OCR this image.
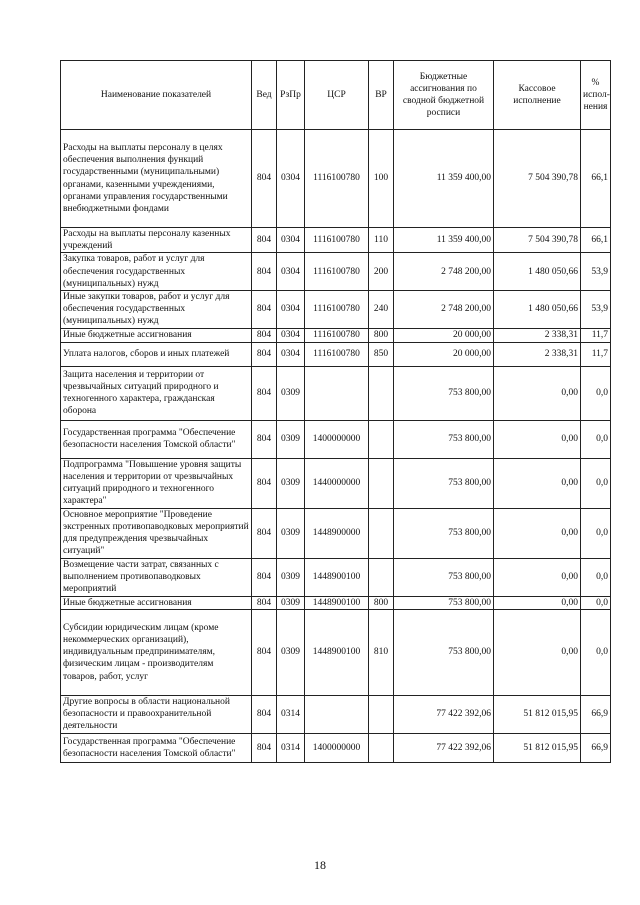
Наименование показателей	Вед	РзПр	ЦСР	ВР	Бюджетные ассигнования по сводной бюджетной росписи	Кассовое исполнение	% испол-нения
Расходы на выплаты персоналу в целях обеспечения выполнения функций государственными (муниципальными) органами, казенными учреждениями, органами управления государственными внебюджетными фондами	804	0304	1116100780	100	11 359 400,00	7 504 390,78	66,1
Расходы на выплаты персоналу казенных учреждений	804	0304	1116100780	110	11 359 400,00	7 504 390,78	66,1
Закупка товаров, работ и услуг для обеспечения государственных (муниципальных) нужд	804	0304	1116100780	200	2 748 200,00	1 480 050,66	53,9
Иные закупки товаров, работ и услуг для обеспечения государственных (муниципальных) нужд	804	0304	1116100780	240	2 748 200,00	1 480 050,66	53,9
Иные бюджетные ассигнования	804	0304	1116100780	800	20 000,00	2 338,31	11,7
Уплата налогов, сборов и иных платежей	804	0304	1116100780	850	20 000,00	2 338,31	11,7
Защита населения и территории от чрезвычайных ситуаций природного и техногенного характера, гражданская оборона	804	0309			753 800,00	0,00	0,0
Государственная программа "Обеспечение безопасности населения Томской области"	804	0309	1400000000		753 800,00	0,00	0,0
Подпрограмма "Повышение уровня защиты населения и территории от чрезвычайных ситуаций природного и техногенного характера"	804	0309	1440000000		753 800,00	0,00	0,0
Основное мероприятие "Проведение экстренных противопаводковых мероприятий для предупреждения чрезвычайных ситуаций"	804	0309	1448900000		753 800,00	0,00	0,0
Возмещение части затрат, связанных с выполнением противопаводковых мероприятий	804	0309	1448900100		753 800,00	0,00	0,0
Иные бюджетные ассигнования	804	0309	1448900100	800	753 800,00	0,00	0,0
Субсидии юридическим лицам (кроме некоммерческих организаций), индивидуальным предпринимателям, физическим лицам - производителям товаров, работ, услуг	804	0309	1448900100	810	753 800,00	0,00	0,0
Другие вопросы в области национальной безопасности и правоохранительной деятельности	804	0314			77 422 392,06	51 812 015,95	66,9
Государственная программа "Обеспечение безопасности населения Томской области"	804	0314	1400000000		77 422 392,06	51 812 015,95	66,9
18
